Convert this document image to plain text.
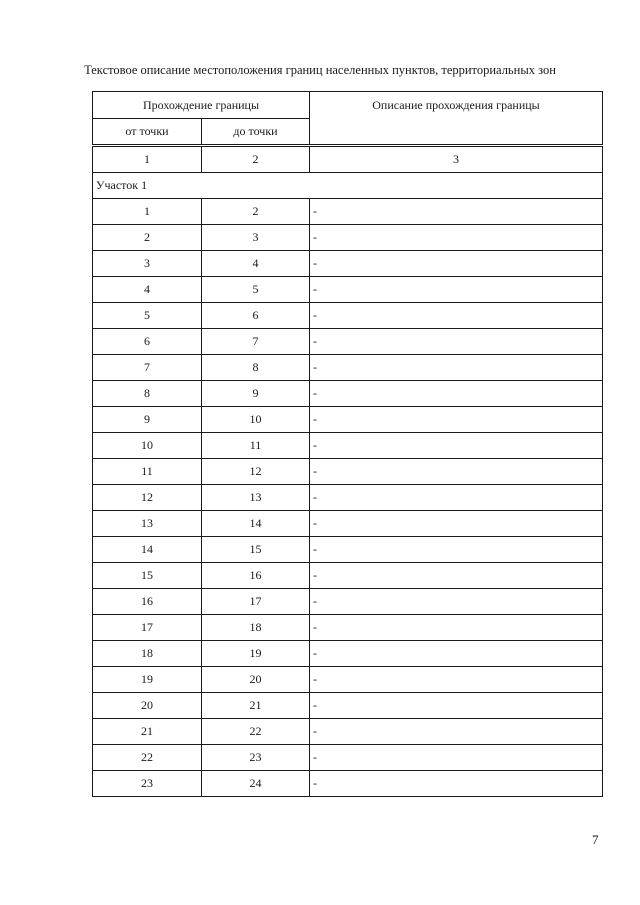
Текстовое описание местоположения границ населенных пунктов, территориальных зон
Прохождение границы		Описание прохождения границы
от точки	до точки	
1	2	3
Участок 1		
1	2	-
2	3	-
3	4	-
4	5	-
5	6	-
6	7	-
7	8	-
8	9	-
9	10	-
10	11	-
11	12	-
12	13	-
13	14	-
14	15	-
15	16	-
16	17	-
17	18	-
18	19	-
19	20	-
20	21	-
21	22	-
22	23	-
23	24	-
7
